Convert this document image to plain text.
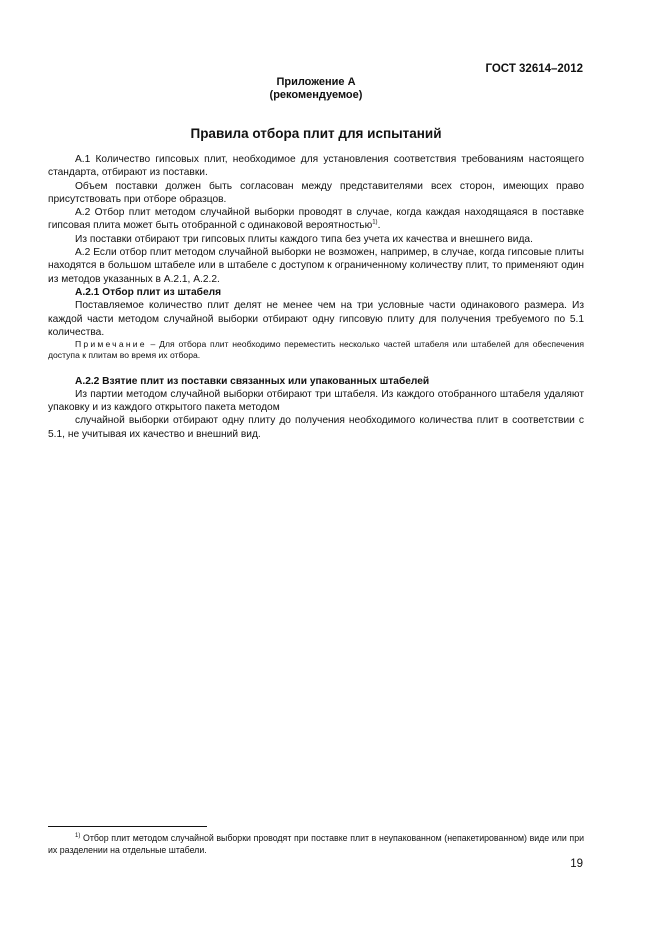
ГОСТ 32614–2012
Приложение А
(рекомендуемое)
Правила отбора плит для испытаний

А.1 Количество гипсовых плит, необходимое для установления соответствия требованиям настоящего стандарта, отбирают из поставки.

Объем поставки должен быть согласован между представителями всех сторон, имеющих право присутствовать при отборе образцов.

А.2 Отбор плит методом случайной выборки проводят в случае, когда каждая находящаяся в поставке гипсовая плита может быть отобранной с одинаковой вероятностью$^{1)}$.

Из поставки отбирают три гипсовых плиты каждого типа без учета их качества и внешнего вида.

А.2 Если отбор плит методом случайной выборки не возможен, например, в случае, когда гипсовые плиты находятся в большом штабеле или в штабеле с доступом к ограниченному количеству плит, то применяют один из методов указанных в А.2.1, А.2.2.

А.2.1 Отбор плит из штабеля

Поставляемое количество плит делят не менее чем на три условные части одинакового размера. Из каждой части методом случайной выборки отбирают одну гипсовую плиту для получения требуемого по 5.1 количества.

Примечание – Для отбора плит необходимо переместить несколько частей штабеля или штабелей для обеспечения доступа к плитам во время их отбора.

А.2.2 Взятие плит из поставки связанных или упакованных штабелей

Из партии методом случайной выборки отбирают три штабеля. Из каждого отобранного штабеля удаляют упаковку и из каждого открытого пакета методом

случайной выборки отбирают одну плиту до получения необходимого количества плит в соответствии с 5.1, не учитывая их качество и внешний вид.

$^{1)}$ Отбор плит методом случайной выборки проводят при поставке плит в неупакованном (непакетированном) виде или при их разделении на отдельные штабели.
19
